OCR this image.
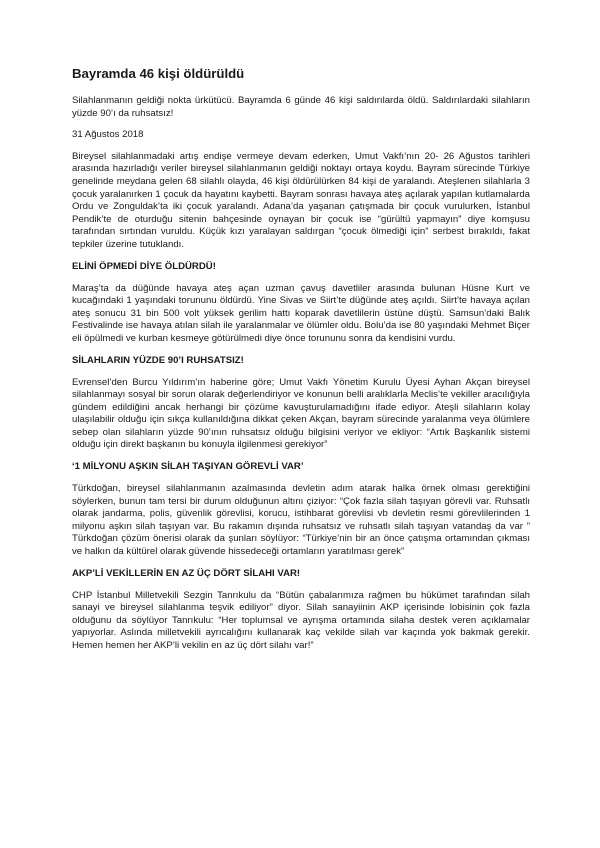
Bayramda 46 kişi öldürüldü

Silahlanmanın geldiği nokta ürkütücü. Bayramda 6 günde 46 kişi saldırılarda öldü. Saldırılardaki silahların yüzde 90’ı da ruhsatsız!

31 Ağustos 2018

Bireysel silahlanmadaki artış endişe vermeye devam ederken, Umut Vakfı’nın 20- 26 Ağustos tarihleri arasında hazırladığı veriler bireysel silahlanmanın geldiği noktayı ortaya koydu. Bayram sürecinde Türkiye genelinde meydana gelen 68 silahlı olayda, 46 kişi öldürülürken 84 kişi de yaralandı. Ateşlenen silahlarla 3 çocuk yaralanırken 1 çocuk da hayatını kaybetti. Bayram sonrası havaya ateş açılarak yapılan kutlamalarda Ordu ve Zonguldak’ta iki çocuk yaralandı. Adana’da yaşanan çatışmada bir çocuk vurulurken, İstanbul Pendik’te de oturduğu sitenin bahçesinde oynayan bir çocuk ise “gürültü yapmayın” diye komşusu tarafından sırtından vuruldu. Küçük kızı yaralayan saldırgan “çocuk ölmediği için” serbest bırakıldı, fakat tepkiler üzerine tutuklandı.

ELİNİ ÖPMEDİ DİYE ÖLDÜRDÜ!

Maraş’ta da düğünde havaya ateş açan uzman çavuş davetliler arasında bulunan Hüsne Kurt ve kucağındaki 1 yaşındaki torununu öldürdü. Yine Sivas ve Siirt’te düğünde ateş açıldı. Siirt’te havaya açılan ateş sonucu 31 bin 500 volt yüksek gerilim hattı koparak davetlilerin üstüne düştü. Samsun’daki Balık Festivalinde ise havaya atılan silah ile yaralanmalar ve ölümler oldu. Bolu’da ise 80 yaşındaki Mehmet Biçer eli öpülmedi ve kurban kesmeye götürülmedi diye önce torununu sonra da kendisini vurdu.

SİLAHLARIN YÜZDE 90’I RUHSATSIZ!

Evrensel’den Burcu Yıldırım’ın haberine göre; Umut Vakfı Yönetim Kurulu Üyesi Ayhan Akçan bireysel silahlanmayı sosyal bir sorun olarak değerlendiriyor ve konunun belli aralıklarla Meclis’te vekiller aracılığıyla gündem edildiğini ancak herhangi bir çözüme kavuşturulamadığını ifade ediyor. Ateşli silahların kolay ulaşılabilir olduğu için sıkça kullanıldığına dikkat çeken Akçan, bayram sürecinde yaralanma veya ölümlere sebep olan silahların yüzde 90’ının ruhsatsız olduğu bilgisini veriyor ve ekliyor: “Artık Başkanlık sistemi olduğu için direkt başkanın bu konuyla ilgilenmesi gerekiyor”

‘1 MİLYONU AŞKIN SİLAH TAŞIYAN GÖREVLİ VAR’

Türkdoğan, bireysel silahlanmanın azalmasında devletin adım atarak halka örnek olması gerektiğini söylerken, bunun tam tersi bir durum olduğunun altını çiziyor: “Çok fazla silah taşıyan görevli var. Ruhsatlı olarak jandarma, polis, güvenlik görevlisi, korucu, istihbarat görevlisi vb devletin resmi görevlilerinden 1 milyonu aşkın silah taşıyan var. Bu rakamın dışında ruhsatsız ve ruhsatlı silah taşıyan vatandaş da var ” Türkdoğan çözüm önerisi olarak da şunları söylüyor: “Türkiye’nin bir an önce çatışma ortamından çıkması ve halkın da kültürel olarak güvende hissedeceği ortamların yaratılması gerek”

AKP’Lİ VEKİLLERİN EN AZ ÜÇ DÖRT SİLAHI VAR!

CHP İstanbul Milletvekili Sezgin Tanrıkulu da “Bütün çabalarımıza rağmen bu hükümet tarafından silah sanayi ve bireysel silahlanma teşvik ediliyor” diyor. Silah sanayiinin AKP içerisinde lobisinin çok fazla olduğunu da söylüyor Tanrıkulu: “Her toplumsal ve ayrışma ortamında silaha destek veren açıklamalar yapıyorlar. Aslında milletvekili ayrıcalığını kullanarak kaç vekilde silah var kaçında yok bakmak gerekir. Hemen hemen her AKP’li vekilin en az üç dört silahı var!”
